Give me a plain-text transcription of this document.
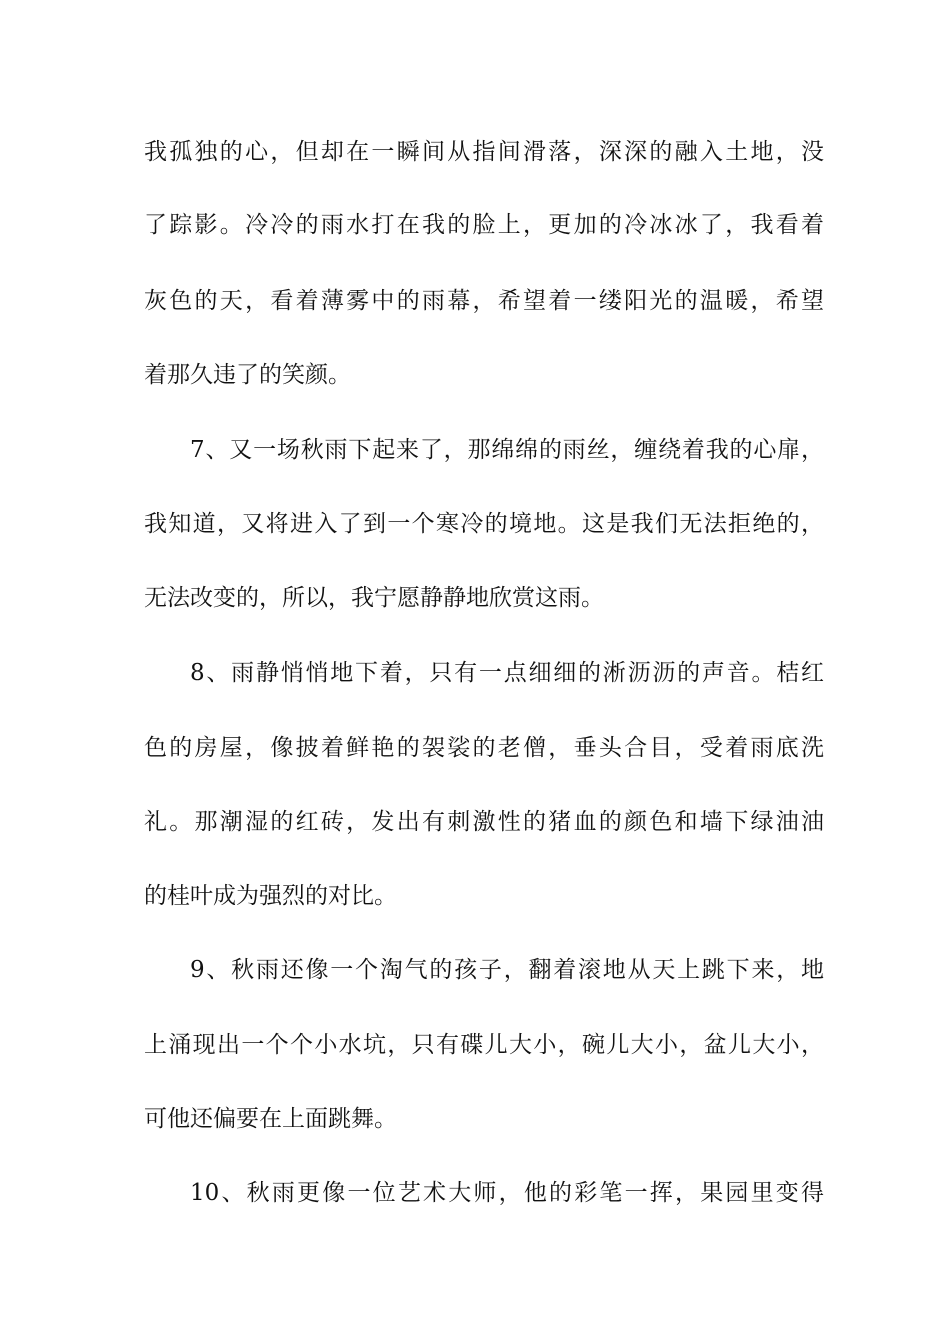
我孤独的心，但却在一瞬间从指间滑落，深深的融入土地，没
了踪影。冷冷的雨水打在我的脸上，更加的冷冰冰了，我看着
灰色的天，看着薄雾中的雨幕，希望着一缕阳光的温暖，希望
着那久违了的笑颜。
7、又一场秋雨下起来了，那绵绵的雨丝，缠绕着我的心扉，
我知道，又将进入了到一个寒冷的境地。这是我们无法拒绝的，
无法改变的，所以，我宁愿静静地欣赏这雨。
8、雨静悄悄地下着，只有一点细细的淅沥沥的声音。桔红
色的房屋，像披着鲜艳的袈裟的老僧，垂头合目，受着雨底洗
礼。那潮湿的红砖，发出有刺激性的猪血的颜色和墙下绿油油
的桂叶成为强烈的对比。
9、秋雨还像一个淘气的孩子，翻着滚地从天上跳下来，地
上涌现出一个个小水坑，只有碟儿大小，碗儿大小，盆儿大小，
可他还偏要在上面跳舞。
10、秋雨更像一位艺术大师，他的彩笔一挥，果园里变得
